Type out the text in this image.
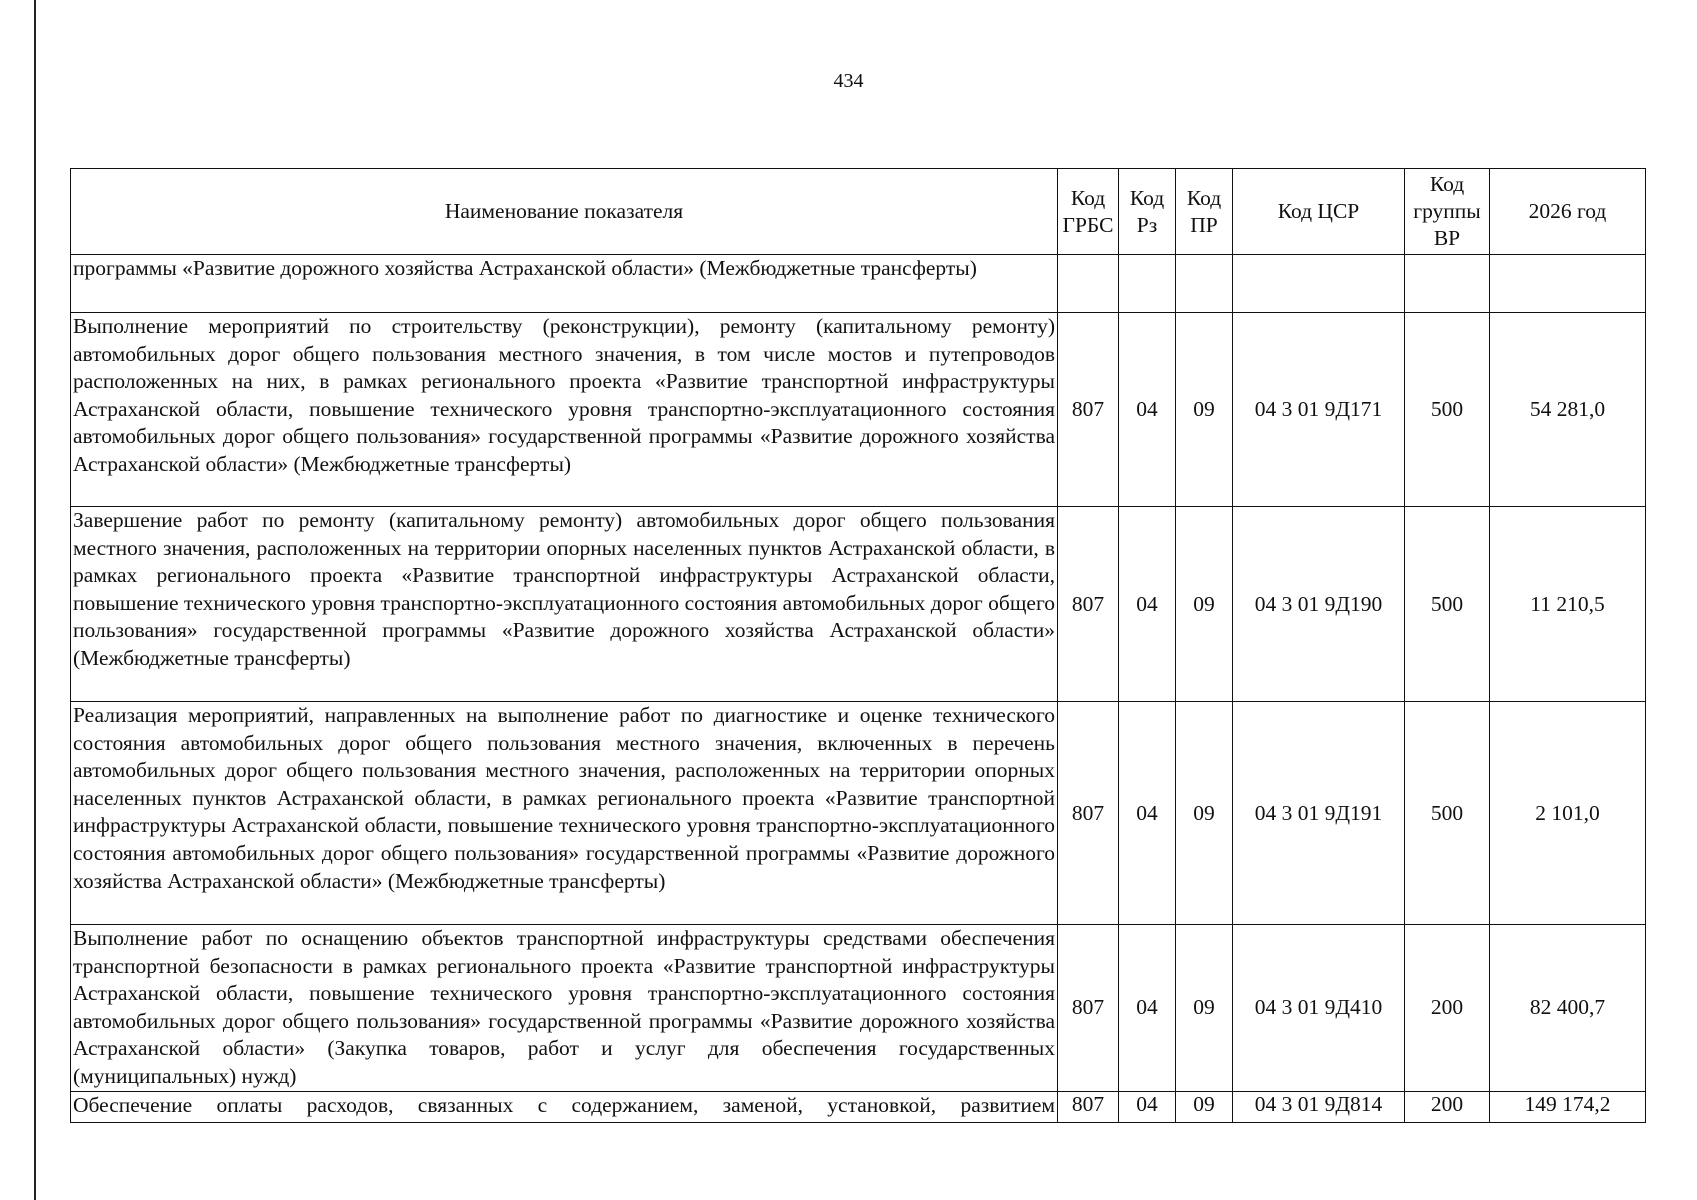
434
Наименование показателя	Код ГРБС	Код Рз	Код ПР	Код ЦСР	Код группы ВР	2026 год
программы «Развитие дорожного хозяйства Астраханской области» (Межбюджетные трансферты)						
Выполнение мероприятий по строительству (реконструкции), ремонту (капитальному ремонту) автомобильных дорог общего пользования местного значения, в том числе мостов и путепроводов расположенных на них, в рамках регионального проекта «Развитие транспортной инфраструктуры Астраханской области, повышение технического уровня транспортно-эксплуатационного состояния автомобильных дорог общего пользования» государственной программы «Развитие дорожного хозяйства Астраханской области» (Межбюджетные трансферты)	807	04	09	04 3 01 9Д171	500	54 281,0
Завершение работ по ремонту (капитальному ремонту) автомобильных дорог общего пользования местного значения, расположенных на территории опорных населенных пунктов Астраханской области, в рамках регионального проекта «Развитие транспортной инфраструктуры Астраханской области, повышение технического уровня транспортно-эксплуатационного состояния автомобильных дорог общего пользования» государственной программы «Развитие дорожного хозяйства Астраханской области» (Межбюджетные трансферты)	807	04	09	04 3 01 9Д190	500	11 210,5
Реализация мероприятий, направленных на выполнение работ по диагностике и оценке технического состояния автомобильных дорог общего пользования местного значения, включенных в перечень автомобильных дорог общего пользования местного значения, расположенных на территории опорных населенных пунктов Астраханской области, в рамках регионального проекта «Развитие транспортной инфраструктуры Астраханской области, повышение технического уровня транспортно-эксплуатационного состояния автомобильных дорог общего пользования» государственной программы «Развитие дорожного хозяйства Астраханской области» (Межбюджетные трансферты)	807	04	09	04 3 01 9Д191	500	2 101,0
Выполнение работ по оснащению объектов транспортной инфраструктуры средствами обеспечения транспортной безопасности в рамках регионального проекта «Развитие транспортной инфраструктуры Астраханской области, повышение технического уровня транспортно-эксплуатационного состояния автомобильных дорог общего пользования» государственной программы «Развитие дорожного хозяйства Астраханской области» (Закупка товаров, работ и услуг для обеспечения государственных (муниципальных) нужд)	807	04	09	04 3 01 9Д410	200	82 400,7
Обеспечение оплаты расходов, связанных с содержанием, заменой, установкой, развитием	807	04	09	04 3 01 9Д814	200	149 174,2
